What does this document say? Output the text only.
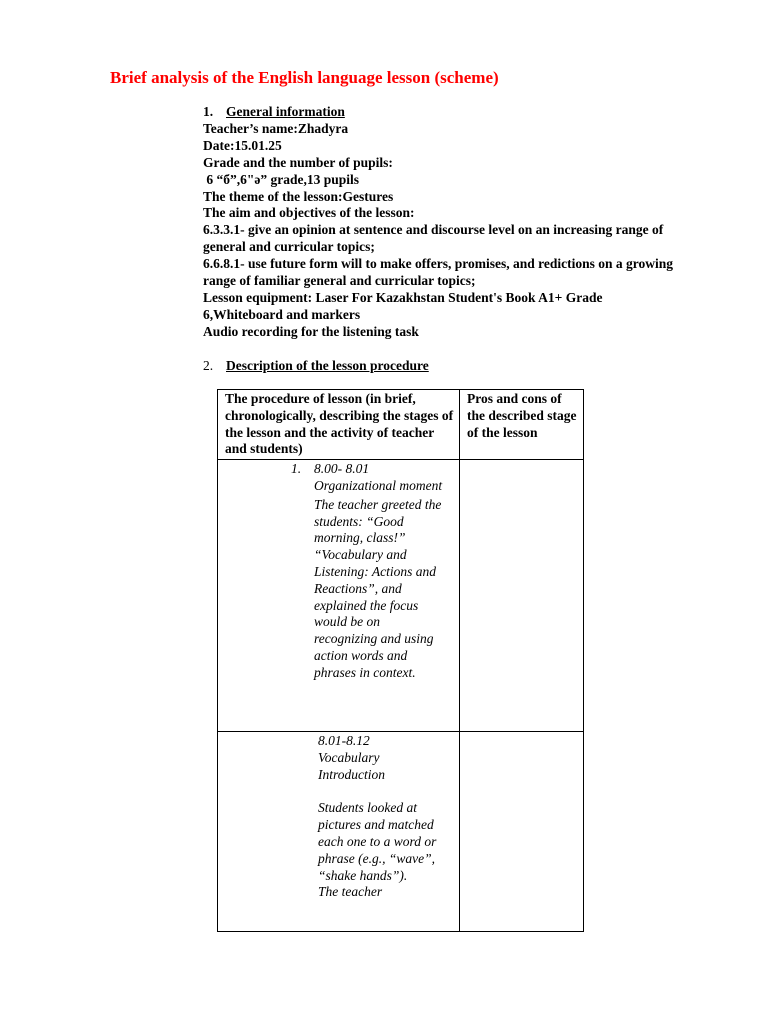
Brief analysis of the English language lesson (scheme)
1. General information
Teacher’s name:Zhadyra
Date:15.01.25
Grade and the number of pupils:
6 “б”,6"ә” grade,13 pupils
The theme of the lesson:Gestures
The aim and objectives of the lesson:
6.3.3.1- give an opinion at sentence and discourse level on an increasing range of general and curricular topics;
6.6.8.1- use future form will to make offers, promises, and redictions on a growing range of familiar general and curricular topics;
Lesson equipment: Laser For Kazakhstan Student's Book A1+ Grade 6,Whiteboard and markers
Audio recording for the listening task
2. Description of the lesson procedure
The procedure of lesson (in brief, chronologically, describing the stages of the lesson and the activity of teacher and students)	Pros and cons of the described stage of the lesson

1. 8.00- 8.01
Organizational moment
The teacher greeted the students: “Good morning, class!” “Vocabulary and Listening: Actions and Reactions”, and explained the focus would be on recognizing and using action words and phrases in context.	

8.01-8.12
Vocabulary Introduction
Students looked at pictures and matched each one to a word or phrase (e.g., “wave”, “shake hands”).
The teacher	
